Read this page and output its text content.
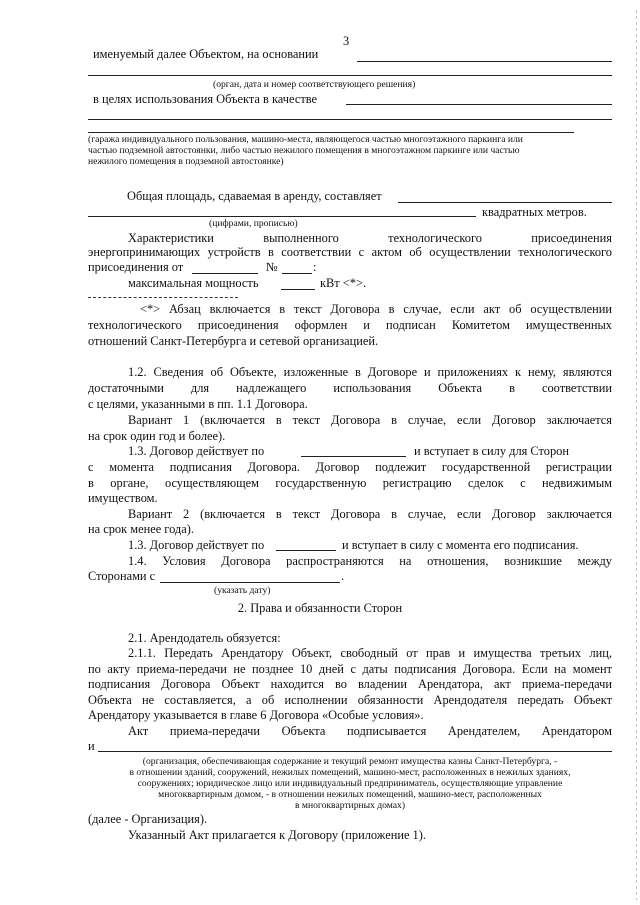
3
именуемый далее Объектом, на основании
(орган, дата и номер соответствующего решения)
в целях использования Объекта в качестве
(гаража индивидуального пользования, машино-места, являющегося частью многоэтажного паркинга или
частью подземной автостоянки, либо частью нежилого помещения в многоэтажном паркинге или частью
нежилого помещения в подземной автостоянке)
Общая площадь, сдаваемая в аренду, составляет
квадратных метров.
(цифрами, прописью)
Характеристики	выполненного	технологического	присоединения
энергопринимающих устройств в соответствии с актом об осуществлении технологического
присоединения от	№	:
максимальная мощность	кВт <*>.
<*> Абзац включается в текст Договора в случае, если акт об осуществлении
технологического присоединения оформлен и подписан Комитетом имущественных
отношений Санкт-Петербурга и сетевой организацией.
1.2. Сведения об Объекте, изложенные в Договоре и приложениях к нему, являются
достаточными для надлежащего использования Объекта в соответствии
с целями, указанными в пп. 1.1 Договора.
Вариант 1 (включается в текст Договора в случае, если Договор заключается
на срок один год и более).
1.3. Договор действует по	и вступает в силу для Сторон
с момента подписания Договора. Договор подлежит государственной регистрации
в органе, осуществляющем государственную регистрацию сделок с недвижимым
имуществом.
Вариант 2 (включается в текст Договора в случае, если Договор заключается
на срок менее года).
1.3. Договор действует по	и вступает в силу с момента его подписания.
1.4. Условия Договора распространяются на отношения, возникшие между
Сторонами с	.
(указать дату)
2. Права и обязанности Сторон
2.1. Арендодатель обязуется:
2.1.1. Передать Арендатору Объект, свободный от прав и имущества третьих лиц,
по акту приема-передачи не позднее 10 дней с даты подписания Договора. Если на момент
подписания Договора Объект находится во владении Арендатора, акт приема-передачи
Объекта не составляется, а об исполнении обязанности Арендодателя передать Объект
Арендатору указывается в главе 6 Договора «Особые условия».
Акт приема-передачи Объекта подписывается Арендателем, Арендатором
и
(организация, обеспечивающая содержание и текущий ремонт имущества казны Санкт-Петербурга, -
в отношении зданий, сооружений, нежилых помещений, машино-мест, расположенных в нежилых зданиях,
сооружениях; юридическое лицо или индивидуальный предприниматель, осуществляющие управление
многоквартирным домом, - в отношении нежилых помещений, машино-мест, расположенных
в многоквартирных домах)
(далее - Организация).
Указанный Акт прилагается к Договору (приложение 1).
